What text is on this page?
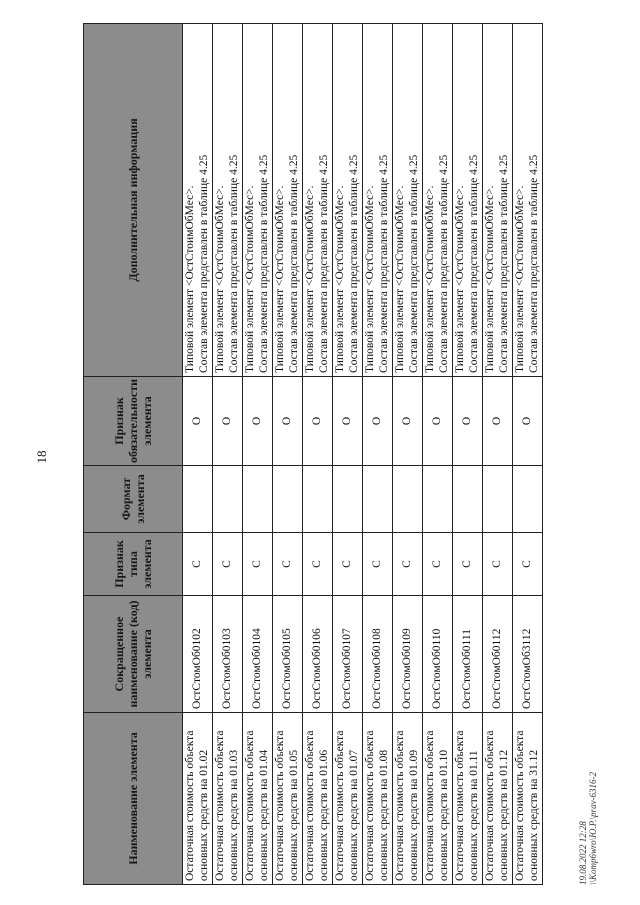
18
Наименование элемента	Сокращенное наименование (код) элемента	Признак типа элемента	Формат элемента	Признак обязательности элемента	Дополнительная информация
Остаточная стоимость объекта основных средств на 01.02	ОстСтомОб0102	С		О	Типовой элемент <ОстСтоимОбМес>. Состав элемента представлен в таблице 4.25

Остаточная стоимость объекта основных средств на 01.03	ОстСтомОб0103	С		О	Типовой элемент <ОстСтоимОбМес>. Состав элемента представлен в таблице 4.25

Остаточная стоимость объекта основных средств на 01.04	ОстСтомОб0104	С		О	Типовой элемент <ОстСтоимОбМес>. Состав элемента представлен в таблице 4.25

Остаточная стоимость объекта основных средств на 01.05	ОстСтомОб0105	С		О	Типовой элемент <ОстСтоимОбМес>. Состав элемента представлен в таблице 4.25

Остаточная стоимость объекта основных средств на 01.06	ОстСтомОб0106	С		О	Типовой элемент <ОстСтоимОбМес>. Состав элемента представлен в таблице 4.25

Остаточная стоимость объекта основных средств на 01.07	ОстСтомОб0107	С		О	Типовой элемент <ОстСтоимОбМес>. Состав элемента представлен в таблице 4.25

Остаточная стоимость объекта основных средств на 01.08	ОстСтомОб0108	С		О	Типовой элемент <ОстСтоимОбМес>. Состав элемента представлен в таблице 4.25

Остаточная стоимость объекта основных средств на 01.09	ОстСтомОб0109	С		О	Типовой элемент <ОстСтоимОбМес>. Состав элемента представлен в таблице 4.25

Остаточная стоимость объекта основных средств на 01.10	ОстСтомОб0110	С		О	Типовой элемент <ОстСтоимОбМес>. Состав элемента представлен в таблице 4.25

Остаточная стоимость объекта основных средств на 01.11	ОстСтомОб0111	С		О	Типовой элемент <ОстСтоимОбМес>. Состав элемента представлен в таблице 4.25

Остаточная стоимость объекта основных средств на 01.12	ОстСтомОб0112	С		О	Типовой элемент <ОстСтоимОбМес>. Состав элемента представлен в таблице 4.25

Остаточная стоимость объекта основных средств на 31.12	ОстСтомОб3112	С		О	Типовой элемент <ОстСтоимОбМес>. Состав элемента представлен в таблице 4.25
19.08.2022 12:28 \\Komp6wro\Ю.Р.\prav-6316-2
